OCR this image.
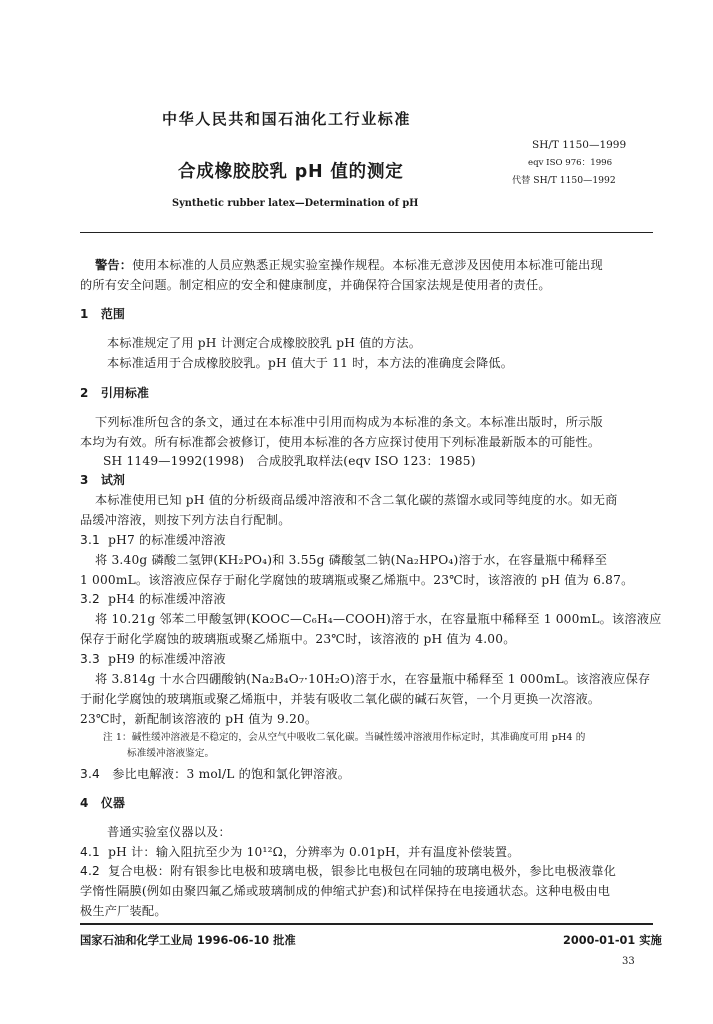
中华人民共和国石油化工行业标准
SH/T 1150—1999
eqv ISO 976：1996
代替 SH/T 1150—1992
合成橡胶胶乳 pH 值的测定
Synthetic rubber latex—Determination of pH
警告：使用本标准的人员应熟悉正规实验室操作规程。本标准无意涉及因使用本标准可能出现
的所有安全问题。制定相应的安全和健康制度，并确保符合国家法规是使用者的责任。
1 范围
本标准规定了用 pH 计测定合成橡胶胶乳 pH 值的方法。
本标准适用于合成橡胶胶乳。pH 值大于 11 时，本方法的准确度会降低。
2 引用标准
下列标准所包含的条文，通过在本标准中引用而构成为本标准的条文。本标准出版时，所示版
本均为有效。所有标准都会被修订，使用本标准的各方应探讨使用下列标准最新版本的可能性。
SH 1149—1992(1998)　合成胶乳取样法(eqv ISO 123：1985)
3 试剂
本标准使用已知 pH 值的分析级商品缓冲溶液和不含二氧化碳的蒸馏水或同等纯度的水。如无商
品缓冲溶液，则按下列方法自行配制。
3.1 pH7 的标准缓冲溶液
将 3.40g 磷酸二氢钾(KH₂PO₄)和 3.55g 磷酸氢二钠(Na₂HPO₄)溶于水，在容量瓶中稀释至
1 000mL。该溶液应保存于耐化学腐蚀的玻璃瓶或聚乙烯瓶中。23℃时，该溶液的 pH 值为 6.87。
3.2 pH4 的标准缓冲溶液
将 10.21g 邻苯二甲酸氢钾(KOOC—C₆H₄—COOH)溶于水，在容量瓶中稀释至 1 000mL。该溶液应
保存于耐化学腐蚀的玻璃瓶或聚乙烯瓶中。23℃时，该溶液的 pH 值为 4.00。
3.3 pH9 的标准缓冲溶液
将 3.814g 十水合四硼酸钠(Na₂B₄O₇·10H₂O)溶于水，在容量瓶中稀释至 1 000mL。该溶液应保存
于耐化学腐蚀的玻璃瓶或聚乙烯瓶中，并装有吸收二氧化碳的碱石灰管，一个月更换一次溶液。
23℃时，新配制该溶液的 pH 值为 9.20。
注 1：碱性缓冲溶液是不稳定的，会从空气中吸收二氧化碳。当碱性缓冲溶液用作标定时，其准确度可用 pH4 的
标准缓冲溶液鉴定。
3.4 参比电解液：3 mol/L 的饱和氯化钾溶液。
4 仪器
普通实验室仪器以及：
4.1 pH 计：输入阻抗至少为 10¹²Ω，分辨率为 0.01pH，并有温度补偿装置。
4.2 复合电极：附有银参比电极和玻璃电极，银参比电极包在同轴的玻璃电极外，参比电极液靠化
学惰性隔膜(例如由聚四氟乙烯或玻璃制成的伸缩式护套)和试样保持在电接通状态。这种电极由电
极生产厂装配。
国家石油和化学工业局 1996-06-10 批准	2000-01-01 实施
33
